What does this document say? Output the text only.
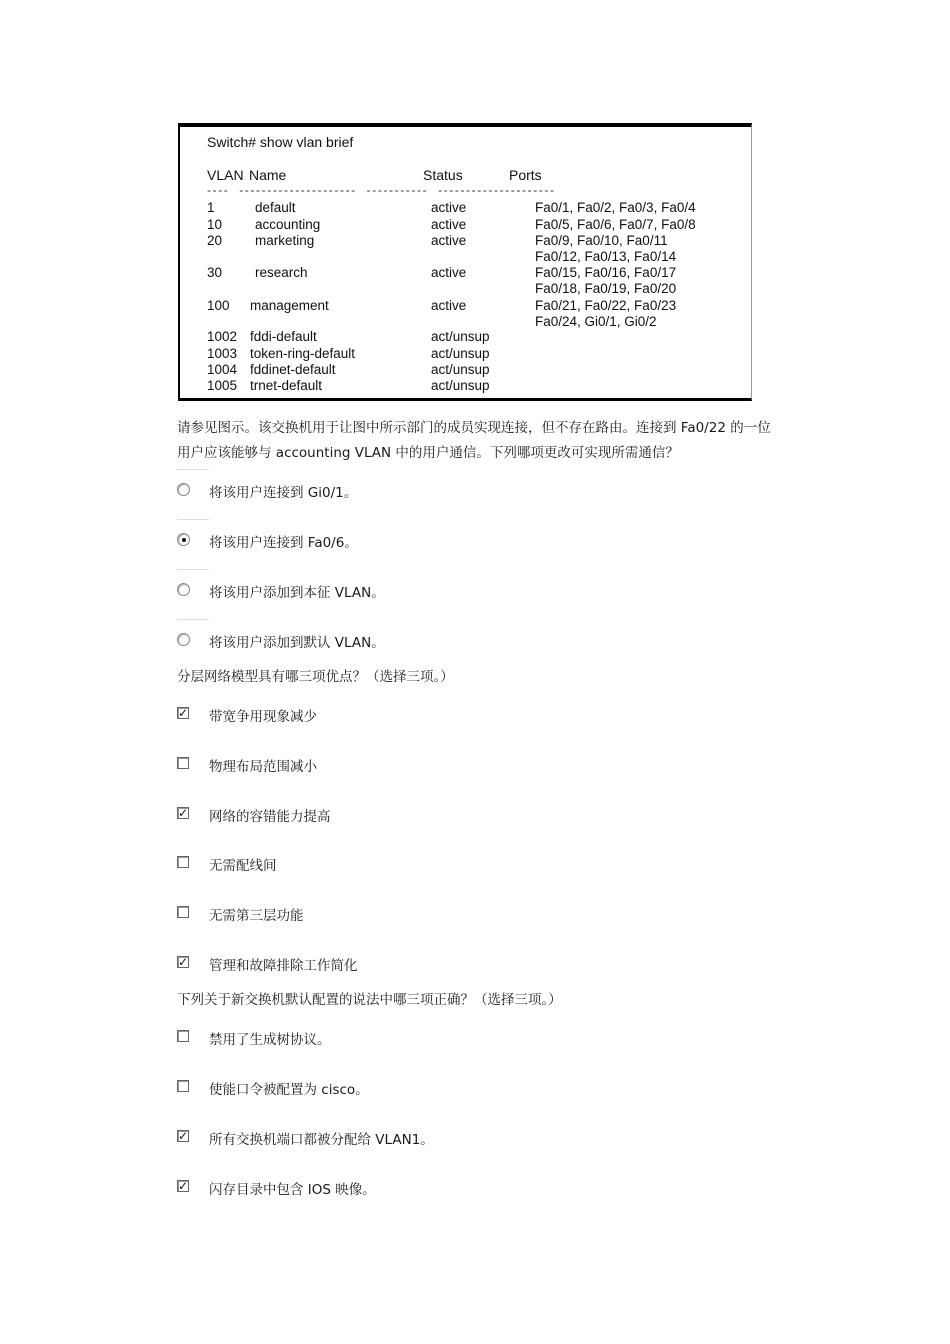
Switch# show vlan brief
VLAN Name	Status	Ports
----  ---------------------  -----------  ---------------------
1	default	active	Fa0/1, Fa0/2, Fa0/3, Fa0/4
10 accounting	active	Fa0/5, Fa0/6, Fa0/7, Fa0/8
20 marketing	active	Fa0/9, Fa0/10, Fa0/11
Fa0/12, Fa0/13, Fa0/14
30 research	active	Fa0/15, Fa0/16, Fa0/17
Fa0/18, Fa0/19, Fa0/20
100 management	active	Fa0/21, Fa0/22, Fa0/23
Fa0/24, Gi0/1, Gi0/2
1002 fddi-default	act/unsup
1003 token-ring-default	act/unsup
1004 fddinet-default	act/unsup
1005 trnet-default	act/unsup
请参见图示。该交换机用于让图中所示部门的成员实现连接，但不存在路由。连接到 Fa0/22 的一位
用户应该能够与 accounting VLAN 中的用户通信。下列哪项更改可实现所需通信？
将该用户连接到 Gi0/1。
将该用户连接到 Fa0/6。
将该用户添加到本征 VLAN。
将该用户添加到默认 VLAN。
分层网络模型具有哪三项优点？（选择三项。）
✓ 带宽争用现象减少
物理布局范围减小
✓ 网络的容错能力提高
无需配线间
无需第三层功能
✓ 管理和故障排除工作简化
下列关于新交换机默认配置的说法中哪三项正确？（选择三项。）
禁用了生成树协议。
使能口令被配置为 cisco。
✓ 所有交换机端口都被分配给 VLAN1。
✓ 闪存目录中包含 IOS 映像。
